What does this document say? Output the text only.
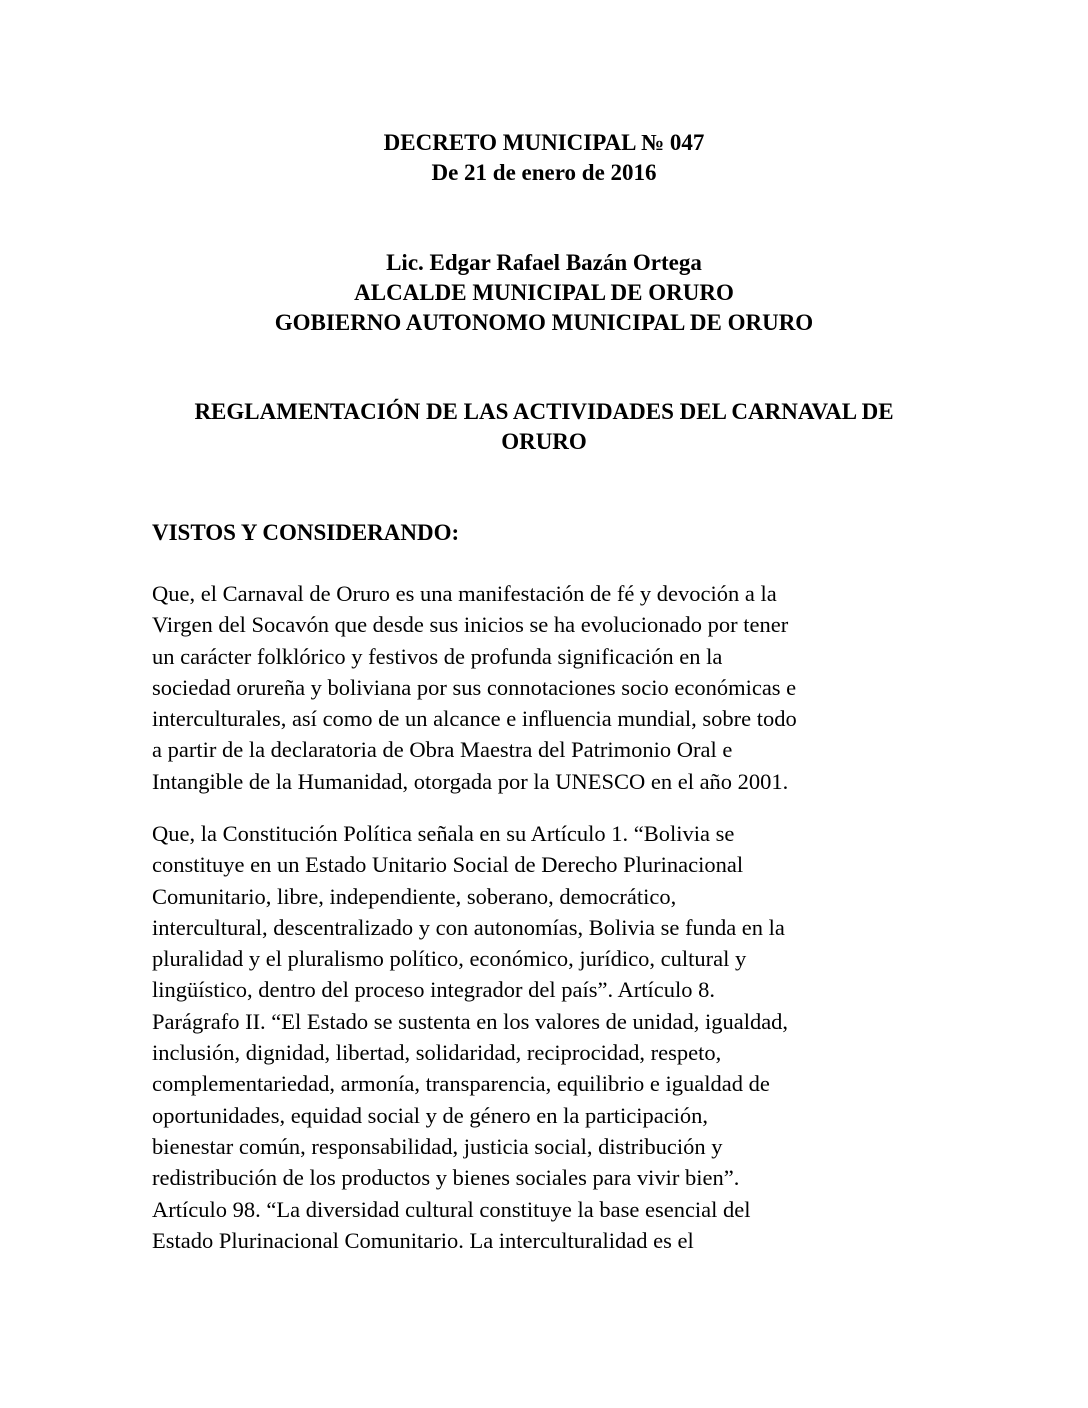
DECRETO MUNICIPAL № 047
De 21 de enero de 2016
Lic. Edgar Rafael Bazán Ortega
ALCALDE MUNICIPAL DE ORURO
GOBIERNO AUTONOMO MUNICIPAL DE ORURO
REGLAMENTACIÓN DE LAS ACTIVIDADES DEL CARNAVAL DE
ORURO
VISTOS Y CONSIDERANDO:
Que, el Carnaval de Oruro es una manifestación de fé y devoción a la
Virgen del Socavón que desde sus inicios se ha evolucionado por tener
un carácter folklórico y festivos de profunda significación en la
sociedad orureña y boliviana por sus connotaciones socio económicas e
interculturales, así como de un alcance e influencia mundial, sobre todo
a partir de la declaratoria de Obra Maestra del Patrimonio Oral e
Intangible de la Humanidad, otorgada por la UNESCO en el año 2001.
Que, la Constitución Política señala en su Artículo 1. “Bolivia se
constituye en un Estado Unitario Social de Derecho Plurinacional
Comunitario, libre, independiente, soberano, democrático,
intercultural, descentralizado y con autonomías, Bolivia se funda en la
pluralidad y el pluralismo político, económico, jurídico, cultural y
lingüístico, dentro del proceso integrador del país”. Artículo 8.
Parágrafo II. “El Estado se sustenta en los valores de unidad, igualdad,
inclusión, dignidad, libertad, solidaridad, reciprocidad, respeto,
complementariedad, armonía, transparencia, equilibrio e igualdad de
oportunidades, equidad social y de género en la participación,
bienestar común, responsabilidad, justicia social, distribución y
redistribución de los productos y bienes sociales para vivir bien”.
Artículo 98. “La diversidad cultural constituye la base esencial del
Estado Plurinacional Comunitario. La interculturalidad es el
